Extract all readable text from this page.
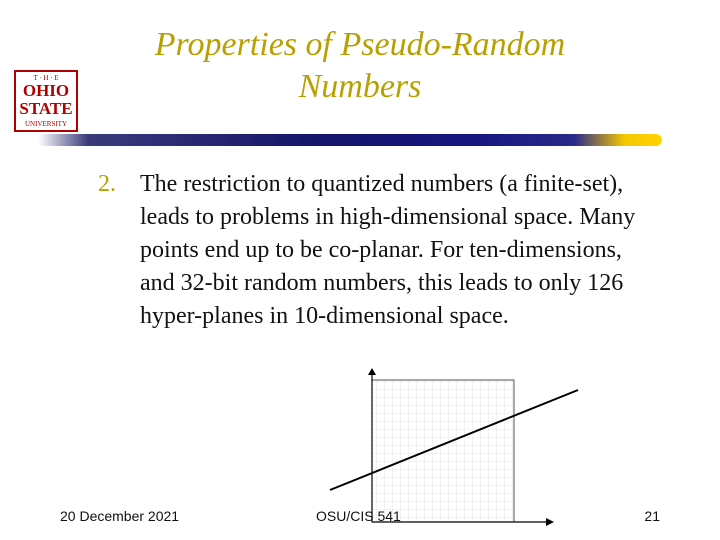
Properties of Pseudo-Random Numbers
T · H · E
OHIO
STATE
UNIVERSITY
2. The restriction to quantized numbers (a finite-set), leads to problems in high-dimensional space. Many points end up to be co-planar. For ten-dimensions, and 32-bit random numbers, this leads to only 126 hyper-planes in 10-dimensional space.
20 December 2021	OSU/CIS 541	21
